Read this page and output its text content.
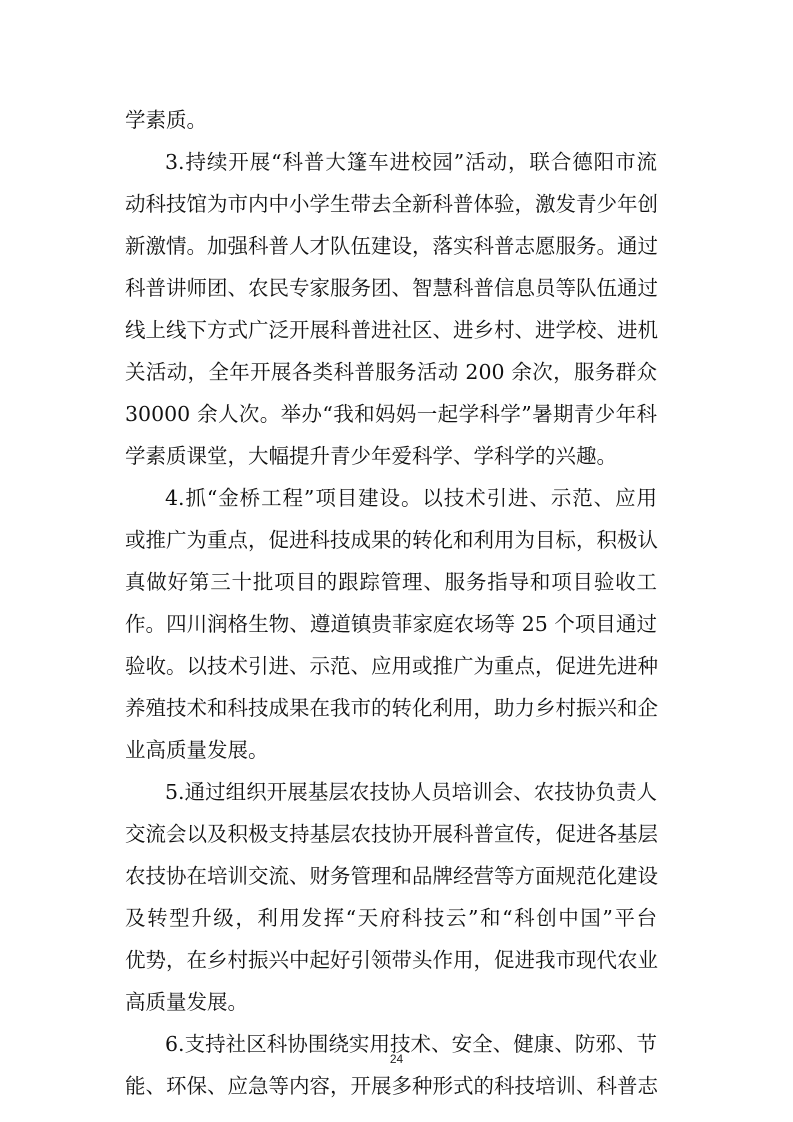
学素质。
3.持续开展“科普大篷车进校园”活动，联合德阳市流
动科技馆为市内中小学生带去全新科普体验，激发青少年创
新激情。加强科普人才队伍建设，落实科普志愿服务。通过
科普讲师团、农民专家服务团、智慧科普信息员等队伍通过
线上线下方式广泛开展科普进社区、进乡村、进学校、进机
关活动，全年开展各类科普服务活动 200 余次，服务群众
30000 余人次。举办“我和妈妈一起学科学”暑期青少年科
学素质课堂，大幅提升青少年爱科学、学科学的兴趣。
4.抓“金桥工程”项目建设。以技术引进、示范、应用
或推广为重点，促进科技成果的转化和利用为目标，积极认
真做好第三十批项目的跟踪管理、服务指导和项目验收工
作。四川润格生物、遵道镇贵菲家庭农场等 25 个项目通过
验收。以技术引进、示范、应用或推广为重点，促进先进种
养殖技术和科技成果在我市的转化利用，助力乡村振兴和企
业高质量发展。
5.通过组织开展基层农技协人员培训会、农技协负责人
交流会以及积极支持基层农技协开展科普宣传，促进各基层
农技协在培训交流、财务管理和品牌经营等方面规范化建设
及转型升级，利用发挥“天府科技云”和“科创中国”平台
优势，在乡村振兴中起好引领带头作用，促进我市现代农业
高质量发展。
6.支持社区科协围绕实用技术、安全、健康、防邪、节
能、环保、应急等内容，开展多种形式的科技培训、科普志
24
